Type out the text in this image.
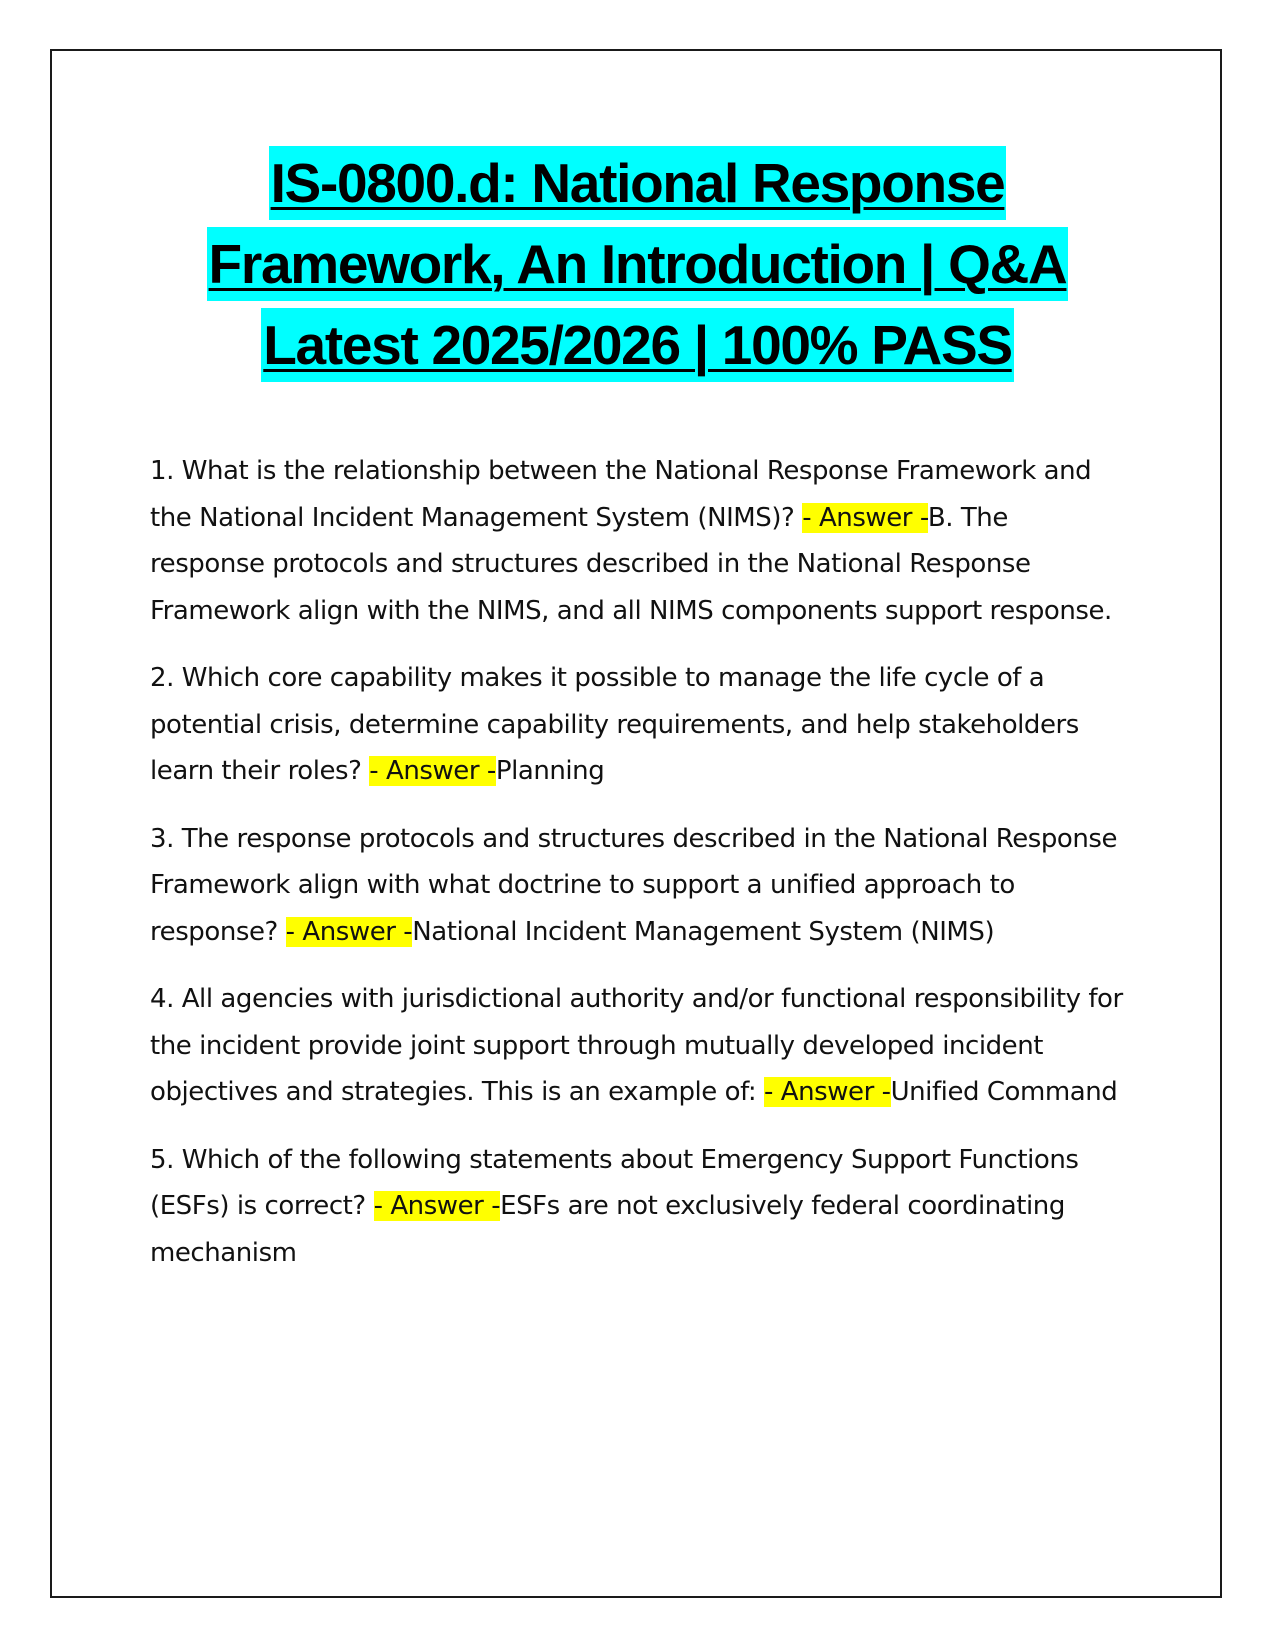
IS-0800.d: National Response
Framework, An Introduction | Q&A
Latest 2025/2026 | 100% PASS

1. What is the relationship between the National Response Framework and the National Incident Management System (NIMS)? - Answer -B. The response protocols and structures described in the National Response Framework align with the NIMS, and all NIMS components support response.

2. Which core capability makes it possible to manage the life cycle of a potential crisis, determine capability requirements, and help stakeholders learn their roles? - Answer -Planning

3. The response protocols and structures described in the National Response Framework align with what doctrine to support a unified approach to response? - Answer -National Incident Management System (NIMS)

4. All agencies with jurisdictional authority and/or functional responsibility for the incident provide joint support through mutually developed incident objectives and strategies. This is an example of: - Answer -Unified Command

5. Which of the following statements about Emergency Support Functions (ESFs) is correct? - Answer -ESFs are not exclusively federal coordinating mechanism
